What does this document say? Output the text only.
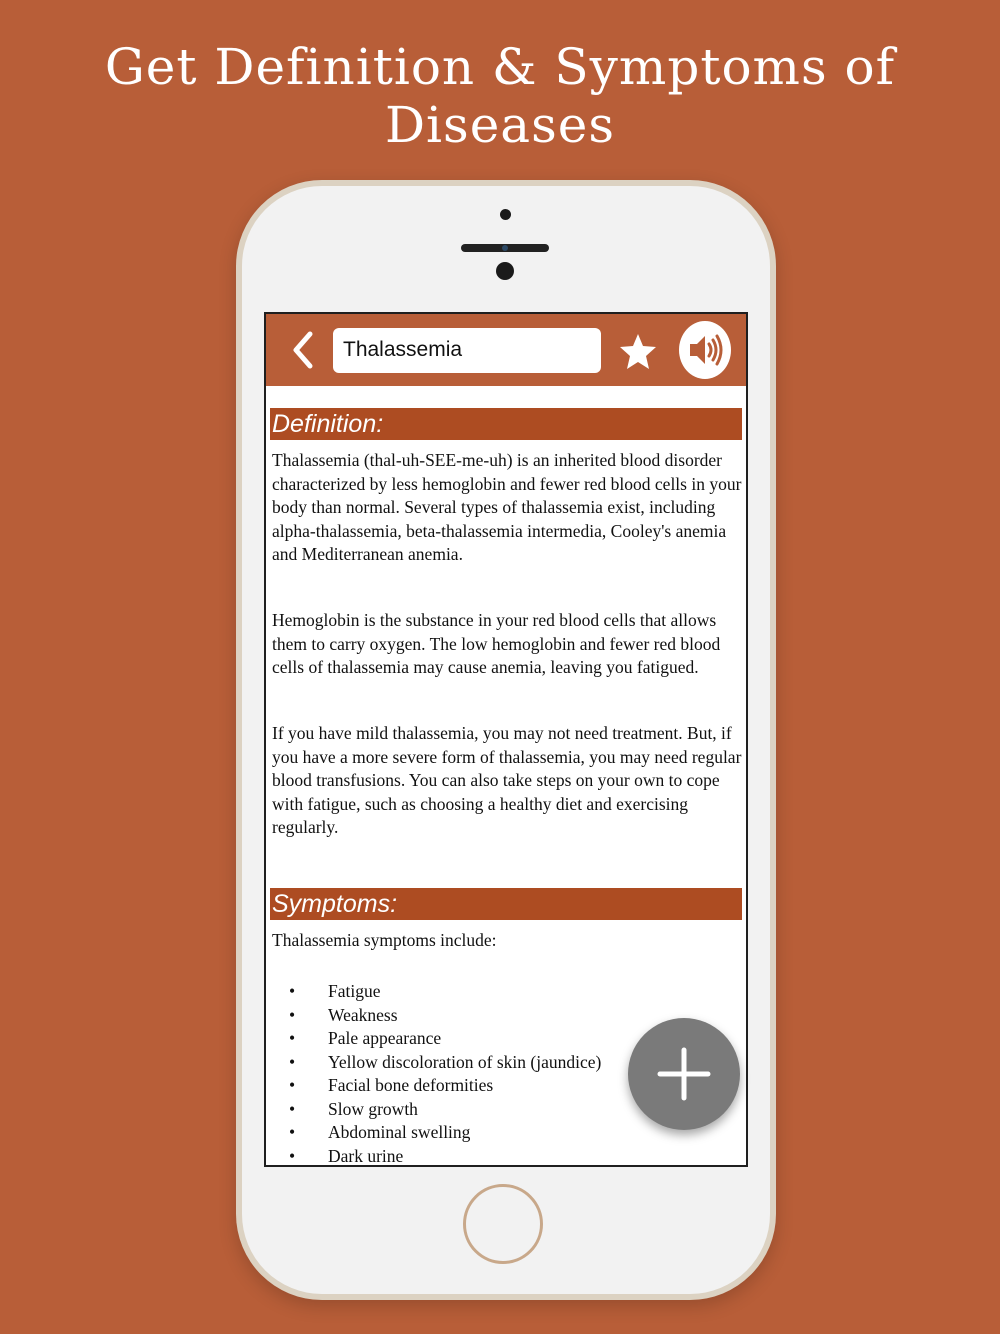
Get Definition & Symptoms of Diseases
Thalassemia
Definition:

Thalassemia (thal-uh-SEE-me-uh) is an inherited blood disorder characterized by less hemoglobin and fewer red blood cells in your body than normal. Several types of thalassemia exist, including alpha-thalassemia, beta-thalassemia intermedia, Cooley's anemia and Mediterranean anemia.

Hemoglobin is the substance in your red blood cells that allows them to carry oxygen. The low hemoglobin and fewer red blood cells of thalassemia may cause anemia, leaving you fatigued.

If you have mild thalassemia, you may not need treatment. But, if you have a more severe form of thalassemia, you may need regular blood transfusions. You can also take steps on your own to cope with fatigue, such as choosing a healthy diet and exercising regularly.

Symptoms:

Thalassemia symptoms include:

• Fatigue
• Weakness
• Pale appearance
• Yellow discoloration of skin (jaundice)
• Facial bone deformities
• Slow growth
• Abdominal swelling
• Dark urine
